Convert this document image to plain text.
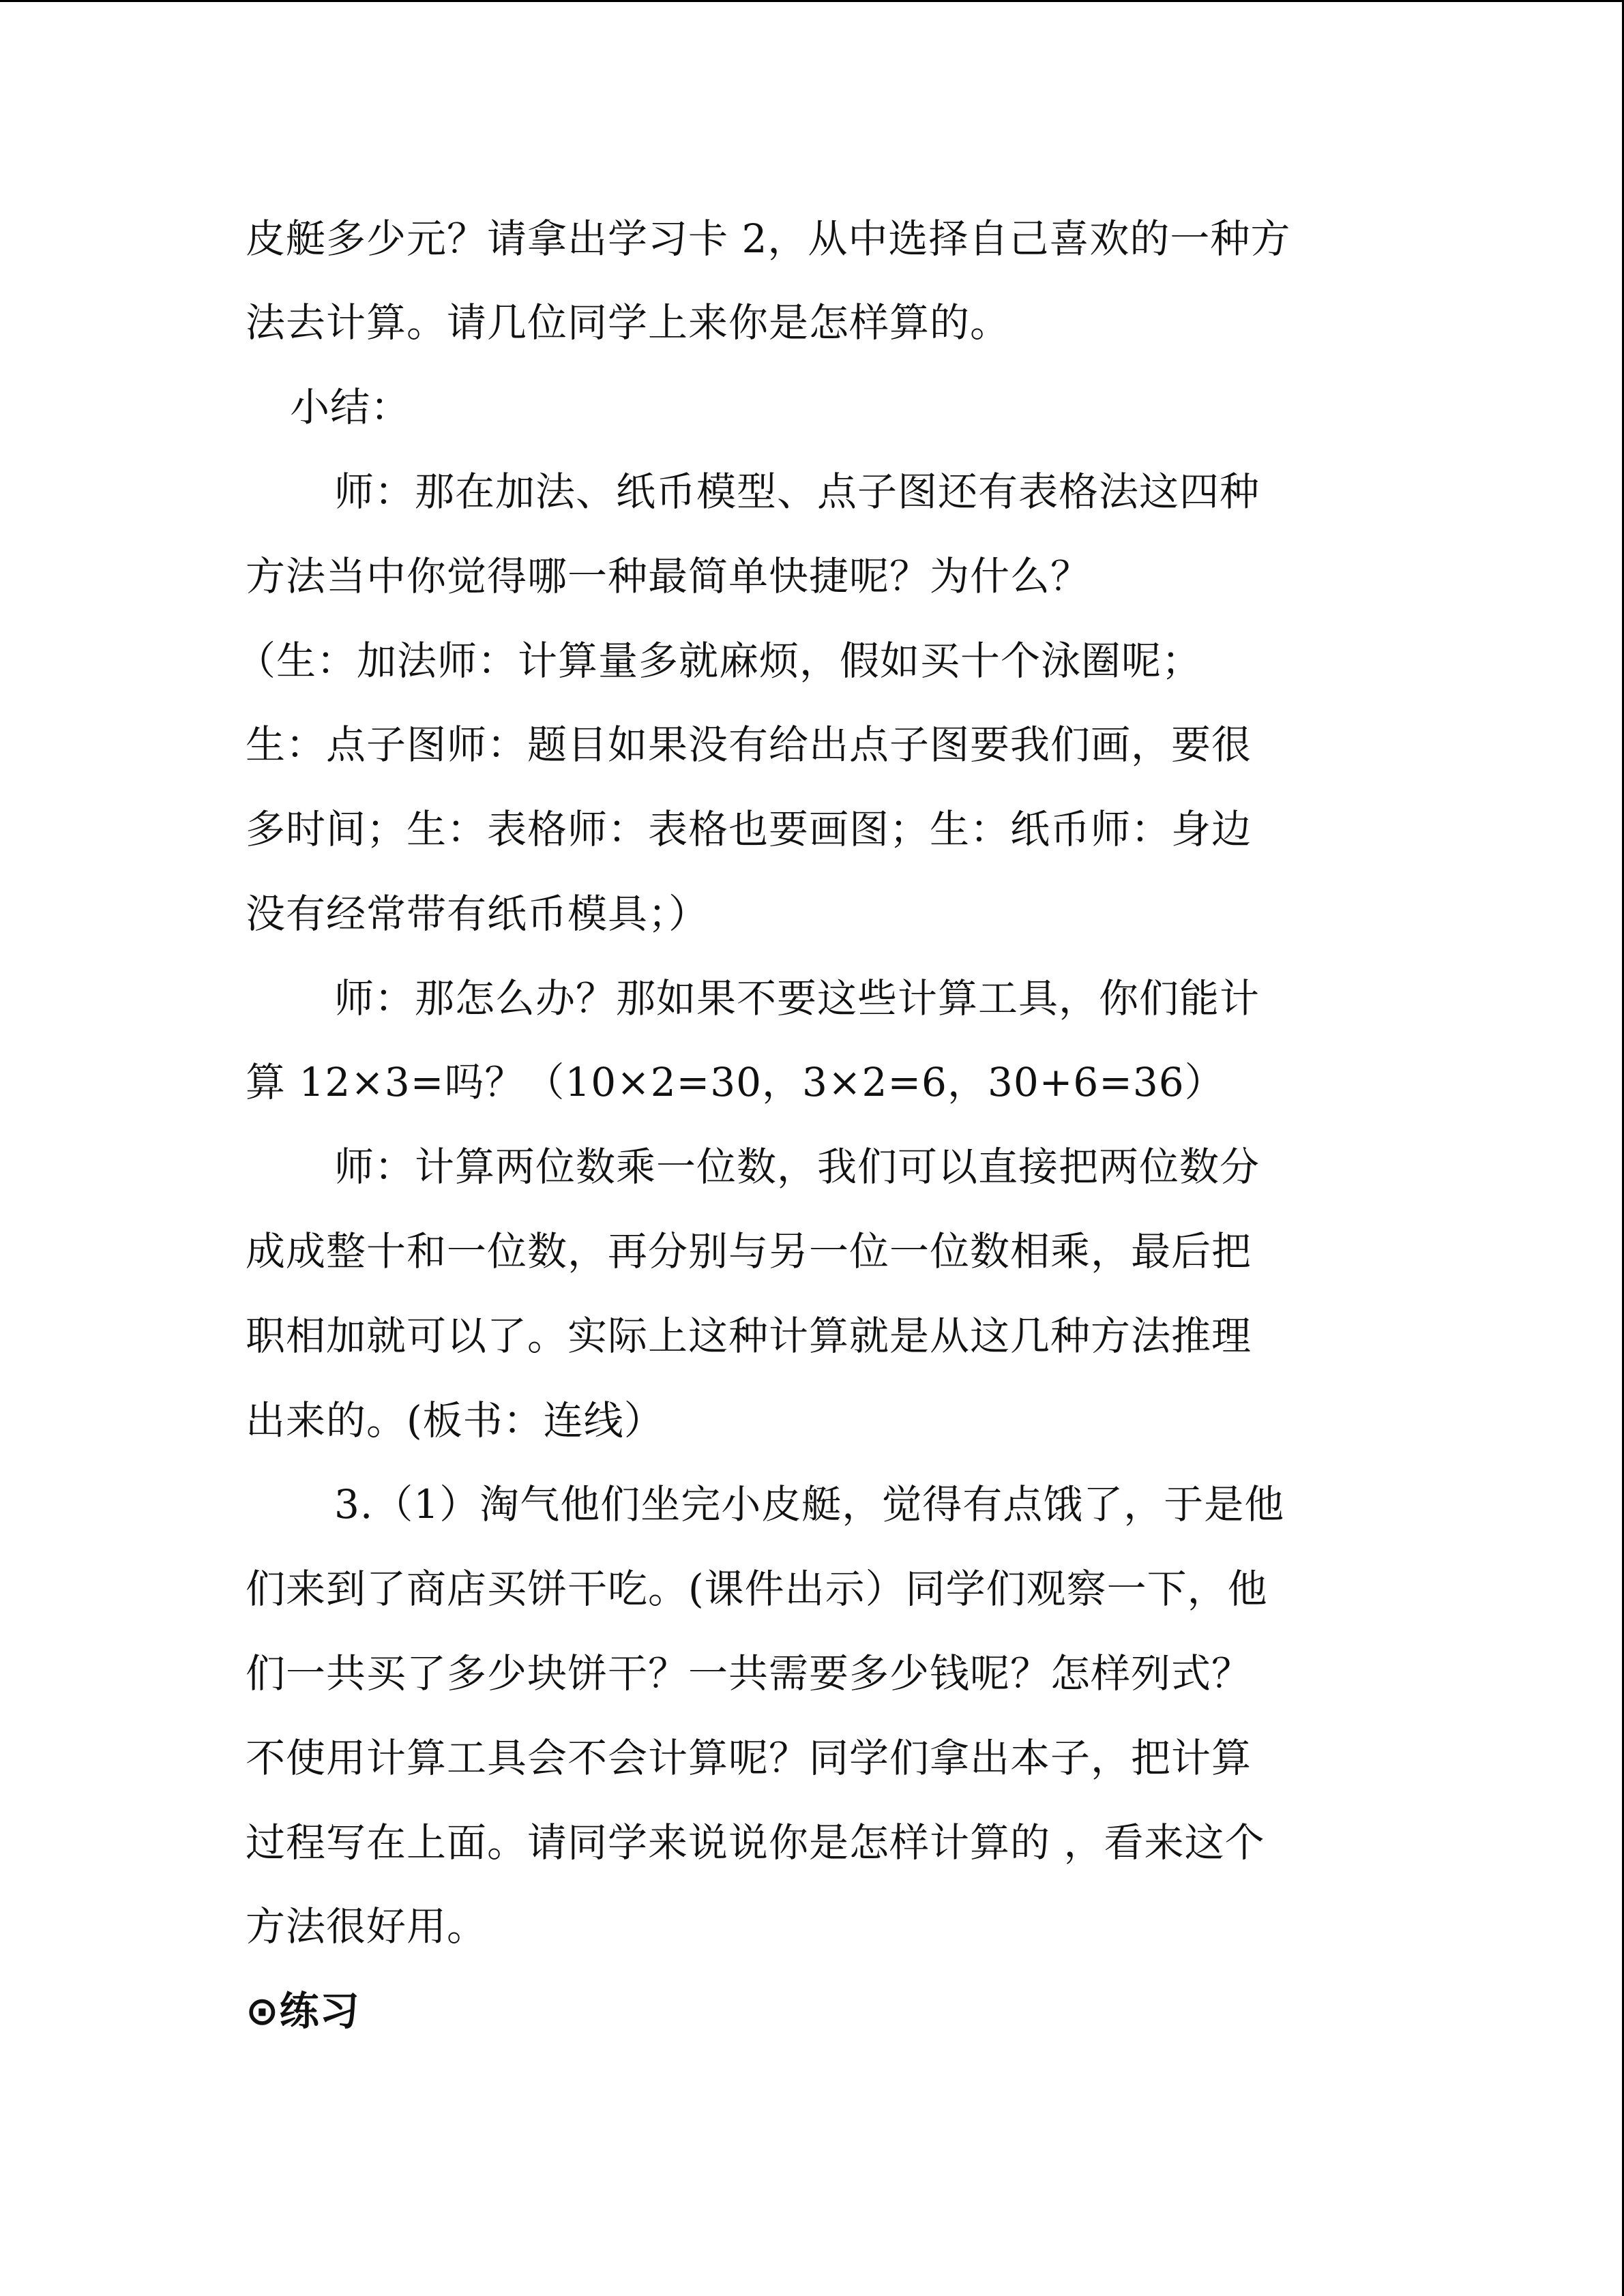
皮艇多少元？请拿出学习卡 2，从中选择自己喜欢的一种方

法去计算。请几位同学上来你是怎样算的。

小结：

师：那在加法、纸币模型、点子图还有表格法这四种

方法当中你觉得哪一种最简单快捷呢？为什么？

（生：加法师：计算量多就麻烦，假如买十个泳圈呢；

生：点子图师：题目如果没有给出点子图要我们画，要很

多时间；生：表格师：表格也要画图；生：纸币师：身边

没有经常带有纸币模具；）

师：那怎么办？那如果不要这些计算工具，你们能计

算 12×3=吗？（10×2=30，3×2=6，30+6=36）

师：计算两位数乘一位数，我们可以直接把两位数分

成成整十和一位数，再分别与另一位一位数相乘，最后把

职相加就可以了。实际上这种计算就是从这几种方法推理

出来的。(板书：连线）

3.（1）淘气他们坐完小皮艇，觉得有点饿了，于是他

们来到了商店买饼干吃。(课件出示）同学们观察一下，他

们一共买了多少块饼干？一共需要多少钱呢？怎样列式？

不使用计算工具会不会计算呢？同学们拿出本子，把计算

过程写在上面。请同学来说说你是怎样计算的 ，看来这个

方法很好用。

⊙练习
